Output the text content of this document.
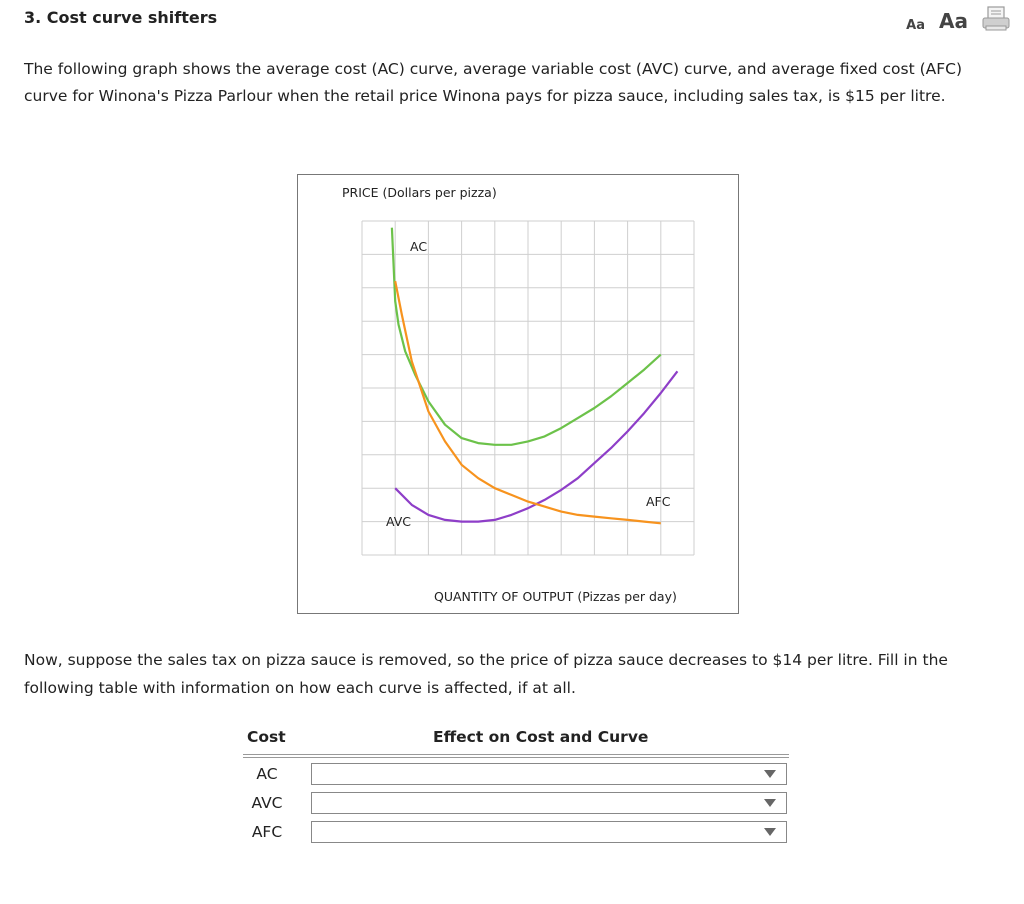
3. Cost curve shifters	Aa Aa
The following graph shows the average cost (AC) curve, average variable cost (AVC) curve, and average fixed cost (AFC) curve for Winona's Pizza Parlour when the retail price Winona pays for pizza sauce, including sales tax, is $15 per litre.
PRICE (Dollars per pizza)
QUANTITY OF OUTPUT (Pizzas per day)
AC
AVC
AFC
Now, suppose the sales tax on pizza sauce is removed, so the price of pizza sauce decreases to $14 per litre. Fill in the following table with information on how each curve is affected, if at all.
Cost	Effect on Cost and Curve
AC
AVC
AFC
